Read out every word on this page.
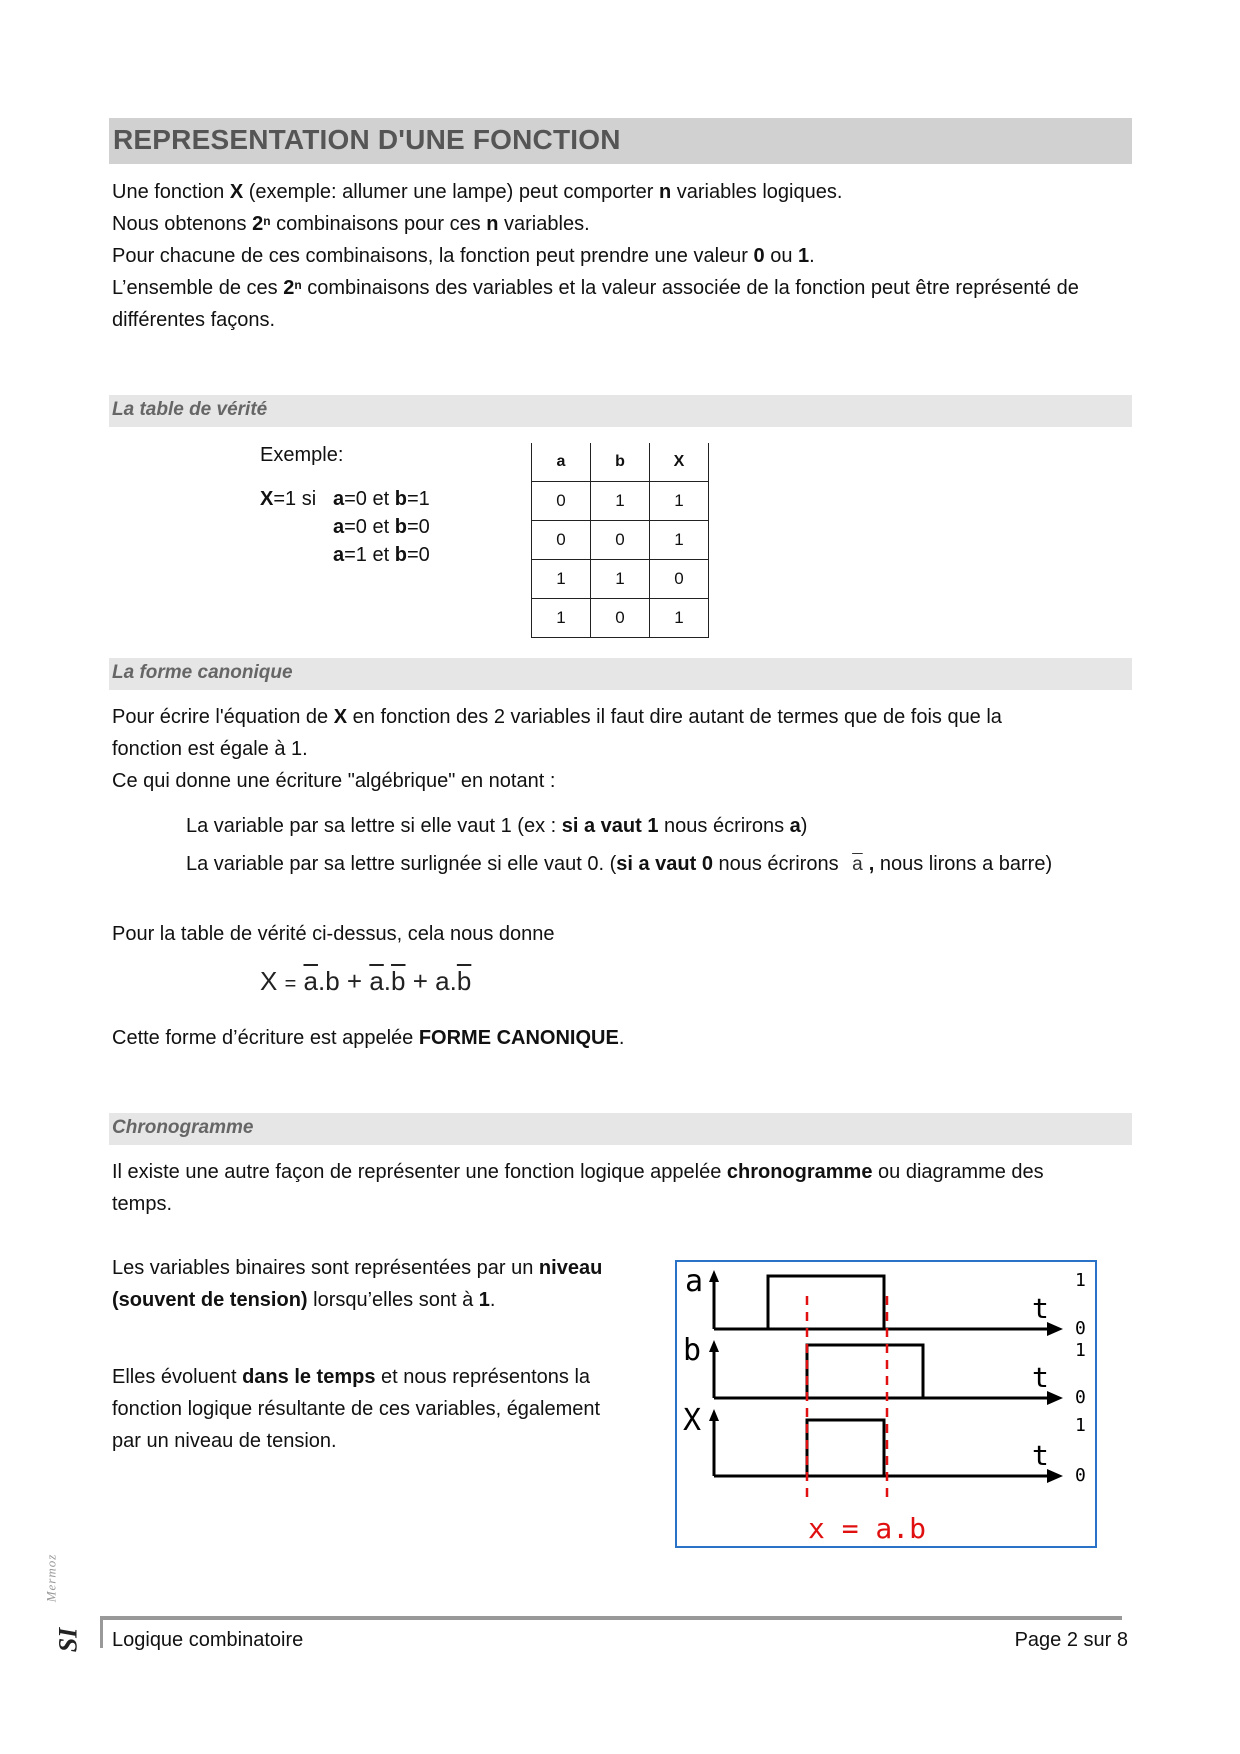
REPRESENTATION D'UNE FONCTION
Une fonction X (exemple: allumer une lampe) peut comporter n variables logiques.
Nous obtenons 2$^n$ combinaisons pour ces n variables.
Pour chacune de ces combinaisons, la fonction peut prendre une valeur 0 ou 1.
L’ensemble de ces 2$^n$ combinaisons des variables et la valeur associée de la fonction peut être représenté de
différentes façons.
La table de vérité
Exemple:
X=1 si a=0 et b=1
a=0 et b=0
a=1 et b=0
a	b	X
0	1	1
0	0	1
1	1	0
1	0	1
La forme canonique
Pour écrire l'équation de X en fonction des 2 variables il faut dire autant de termes que de fois que la
fonction est égale à 1.
Ce qui donne une écriture "algébrique" en notant :
La variable par sa lettre si elle vaut 1 (ex : si a vaut 1 nous écrirons a)
La variable par sa lettre surlignée si elle vaut 0. (si a vaut 0 nous écrirons $\overline{a}$ , nous lirons a barre)
Pour la table de vérité ci-dessus, cela nous donne
$X = \overline{a}.b + \overline{a}.\overline{b} + a.\overline{b}$
Cette forme d’écriture est appelée FORME CANONIQUE.
Chronogramme
Il existe une autre façon de représenter une fonction logique appelée chronogramme ou diagramme des
temps.
Les variables binaires sont représentées par un niveau
(souvent de tension) lorsqu’elles sont à 1.
Elles évoluent dans le temps et nous représentons la
fonction logique résultante de ces variables, également
par un niveau de tension.
a
t
1
0
b
t
1
0
X
t
1
0
x = a.b
Mermoz
SI Logique combinatoire	Page 2 sur 8
